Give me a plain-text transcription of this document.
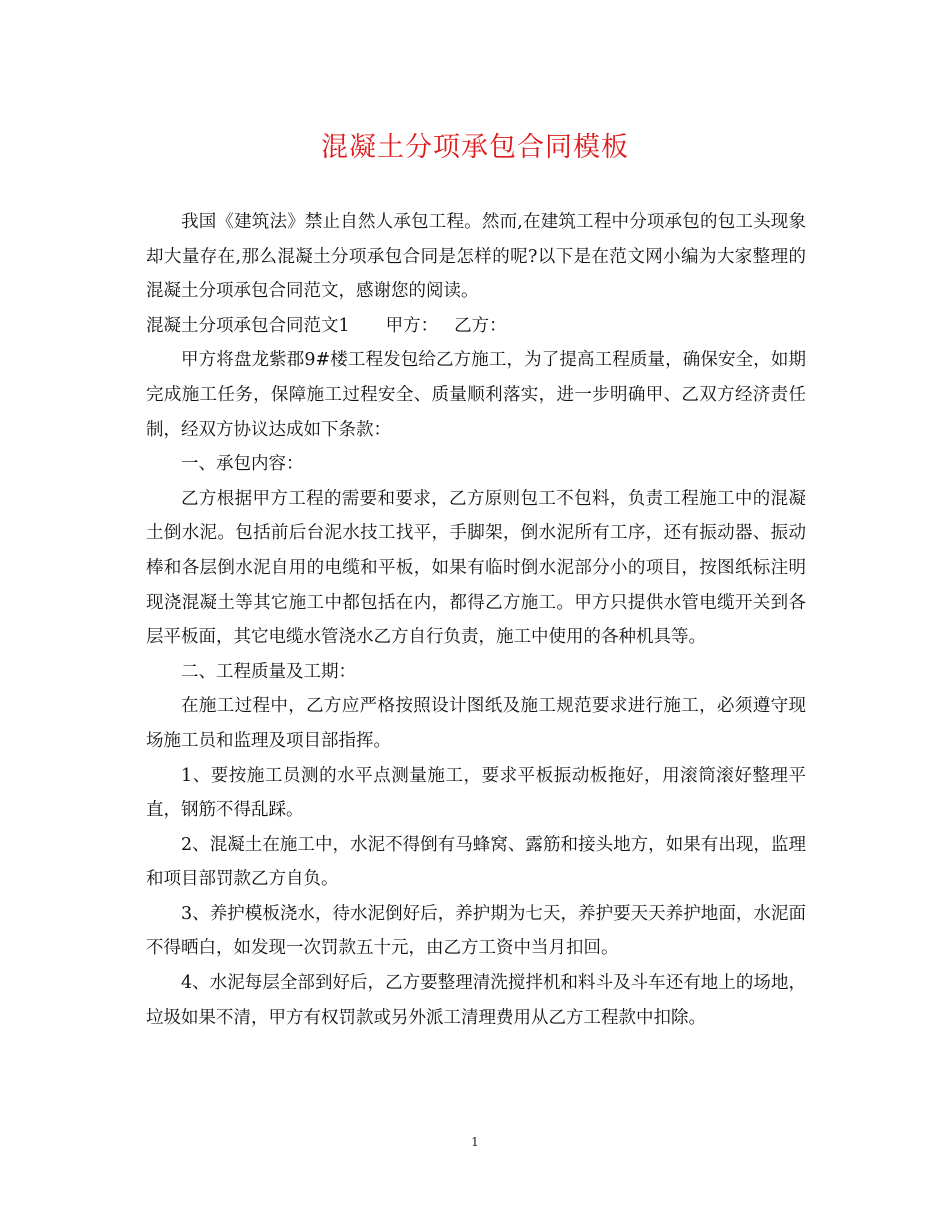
混凝土分项承包合同模板

我国《建筑法》禁止自然人承包工程。然而,在建筑工程中分项承包的包工头现象却大量存在,那么混凝土分项承包合同是怎样的呢?以下是在范文网小编为大家整理的混凝土分项承包合同范文，感谢您的阅读。

混凝土分项承包合同范文1 甲方： 乙方：

甲方将盘龙紫郡9#楼工程发包给乙方施工，为了提高工程质量，确保安全，如期完成施工任务，保障施工过程安全、质量顺利落实，进一步明确甲、乙双方经济责任制，经双方协议达成如下条款：

一、承包内容：

乙方根据甲方工程的需要和要求，乙方原则包工不包料，负责工程施工中的混凝土倒水泥。包括前后台泥水技工找平，手脚架，倒水泥所有工序，还有振动器、振动棒和各层倒水泥自用的电缆和平板，如果有临时倒水泥部分小的项目，按图纸标注明现浇混凝土等其它施工中都包括在内，都得乙方施工。甲方只提供水管电缆开关到各层平板面，其它电缆水管浇水乙方自行负责，施工中使用的各种机具等。

二、工程质量及工期：

在施工过程中，乙方应严格按照设计图纸及施工规范要求进行施工，必须遵守现场施工员和监理及项目部指挥。

1、要按施工员测的水平点测量施工，要求平板振动板拖好，用滚筒滚好整理平直，钢筋不得乱踩。

2、混凝土在施工中，水泥不得倒有马蜂窝、露筋和接头地方，如果有出现，监理和项目部罚款乙方自负。

3、养护模板浇水，待水泥倒好后，养护期为七天，养护要天天养护地面，水泥面不得晒白，如发现一次罚款五十元，由乙方工资中当月扣回。

4、水泥每层全部到好后，乙方要整理清洗搅拌机和料斗及斗车还有地上的场地，垃圾如果不清，甲方有权罚款或另外派工清理费用从乙方工程款中扣除。

1
